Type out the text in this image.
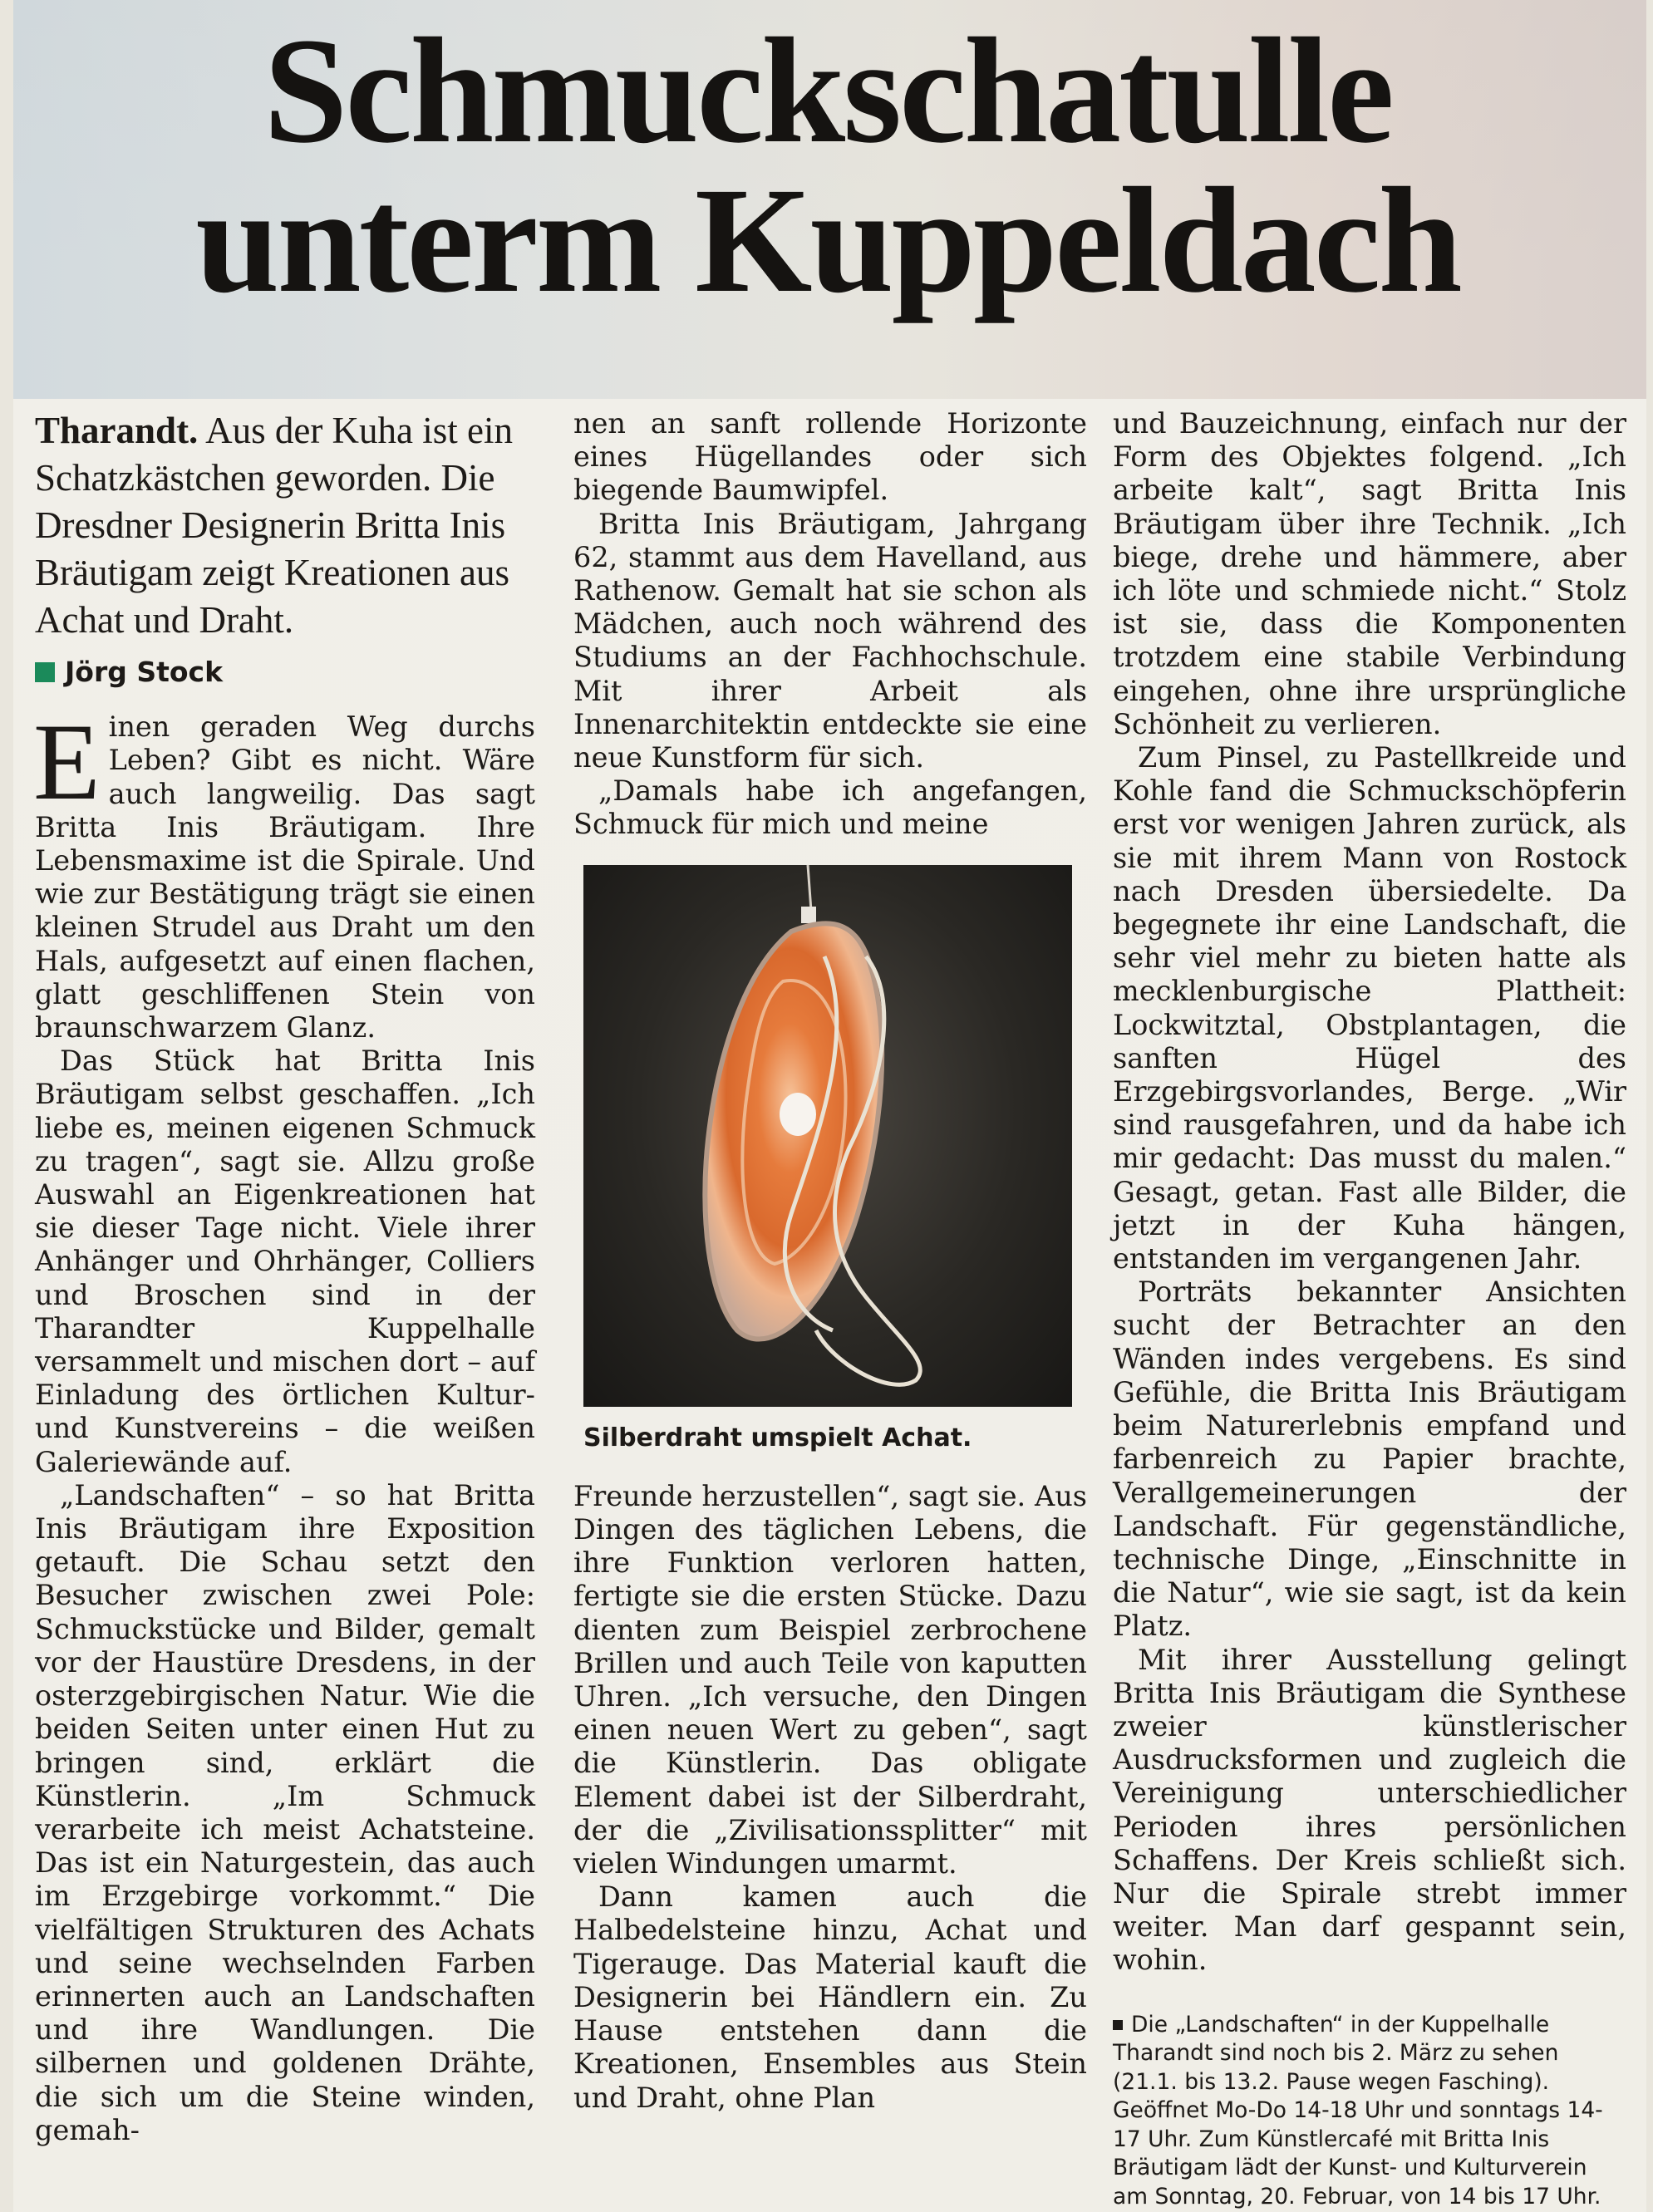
Schmuckschatulle
unterm Kuppeldach
Tharandt. Aus der Kuha ist ein Schatzkästchen geworden. Die Dresdner Designerin Britta Inis Bräutigam zeigt Kreationen aus Achat und Draht.
Jörg Stock

Einen geraden Weg durchs Leben? Gibt es nicht. Wäre auch langweilig. Das sagt Britta Inis Bräutigam. Ihre Lebensmaxime ist die Spirale. Und wie zur Bestätigung trägt sie einen kleinen Strudel aus Draht um den Hals, aufgesetzt auf einen flachen, glatt geschliffenen Stein von braunschwarzem Glanz.

Das Stück hat Britta Inis Bräutigam selbst geschaffen. „Ich liebe es, meinen eigenen Schmuck zu tragen“, sagt sie. Allzu große Auswahl an Eigenkreationen hat sie dieser Tage nicht. Viele ihrer Anhänger und Ohrhänger, Colliers und Broschen sind in der Tharandter Kuppelhalle versammelt und mischen dort – auf Einladung des örtlichen Kultur- und Kunstvereins – die weißen Galeriewände auf.

„Landschaften“ – so hat Britta Inis Bräutigam ihre Exposition getauft. Die Schau setzt den Besucher zwischen zwei Pole: Schmuckstücke und Bilder, gemalt vor der Haustüre Dresdens, in der osterzgebirgischen Natur. Wie die beiden Seiten unter einen Hut zu bringen sind, erklärt die Künstlerin. „Im Schmuck verarbeite ich meist Achatsteine. Das ist ein Naturgestein, das auch im Erzgebirge vorkommt.“ Die vielfältigen Strukturen des Achats und seine wechselnden Farben erinnerten auch an Landschaften und ihre Wandlungen. Die silbernen und goldenen Drähte, die sich um die Steine winden, gemah-

nen an sanft rollende Horizonte eines Hügellandes oder sich biegende Baumwipfel.

Britta Inis Bräutigam, Jahrgang 62, stammt aus dem Havelland, aus Rathenow. Gemalt hat sie schon als Mädchen, auch noch während des Studiums an der Fachhochschule. Mit ihrer Arbeit als Innenarchitektin entdeckte sie eine neue Kunstform für sich.

„Damals habe ich angefangen, Schmuck für mich und meine

Silberdraht umspielt Achat.

Freunde herzustellen“, sagt sie. Aus Dingen des täglichen Lebens, die ihre Funktion verloren hatten, fertigte sie die ersten Stücke. Dazu dienten zum Beispiel zerbrochene Brillen und auch Teile von kaputten Uhren. „Ich versuche, den Dingen einen neuen Wert zu geben“, sagt die Künstlerin. Das obligate Element dabei ist der Silberdraht, der die „Zivilisationssplitter“ mit vielen Windungen umarmt.

Dann kamen auch die Halbedelsteine hinzu, Achat und Tigerauge. Das Material kauft die Designerin bei Händlern ein. Zu Hause entstehen dann die Kreationen, Ensembles aus Stein und Draht, ohne Plan

und Bauzeichnung, einfach nur der Form des Objektes folgend. „Ich arbeite kalt“, sagt Britta Inis Bräutigam über ihre Technik. „Ich biege, drehe und hämmere, aber ich löte und schmiede nicht.“ Stolz ist sie, dass die Komponenten trotzdem eine stabile Verbindung eingehen, ohne ihre ursprüngliche Schönheit zu verlieren.

Zum Pinsel, zu Pastellkreide und Kohle fand die Schmuckschöpferin erst vor wenigen Jahren zurück, als sie mit ihrem Mann von Rostock nach Dresden übersiedelte. Da begegnete ihr eine Landschaft, die sehr viel mehr zu bieten hatte als mecklenburgische Plattheit: Lockwitztal, Obstplantagen, die sanften Hügel des Erzgebirgsvorlandes, Berge. „Wir sind rausgefahren, und da habe ich mir gedacht: Das musst du malen.“ Gesagt, getan. Fast alle Bilder, die jetzt in der Kuha hängen, entstanden im vergangenen Jahr.

Porträts bekannter Ansichten sucht der Betrachter an den Wänden indes vergebens. Es sind Gefühle, die Britta Inis Bräutigam beim Naturerlebnis empfand und farbenreich zu Papier brachte, Verallgemeinerungen der Landschaft. Für gegenständliche, technische Dinge, „Einschnitte in die Natur“, wie sie sagt, ist da kein Platz.

Mit ihrer Ausstellung gelingt Britta Inis Bräutigam die Synthese zweier künstlerischer Ausdrucksformen und zugleich die Vereinigung unterschiedlicher Perioden ihres persönlichen Schaffens. Der Kreis schließt sich. Nur die Spirale strebt immer weiter. Man darf gespannt sein, wohin.

Die „Landschaften“ in der Kuppelhalle Tharandt sind noch bis 2. März zu sehen (21.1. bis 13.2. Pause wegen Fasching). Geöffnet Mo-Do 14-18 Uhr und sonntags 14-17 Uhr. Zum Künstlercafé mit Britta Inis Bräutigam lädt der Kunst- und Kulturverein am Sonntag, 20. Februar, von 14 bis 17 Uhr.
